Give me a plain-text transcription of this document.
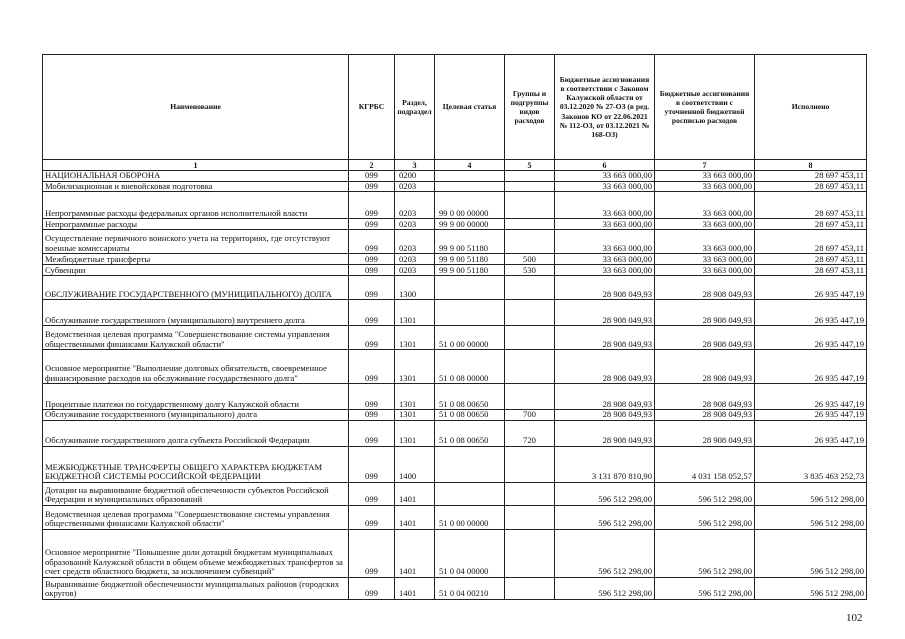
Наименование	КГРБС	Раздел, подраздел	Целевая статья	Группы и подгруппы видов расходов	Бюджетные ассигнования в соответствии с Законом Калужской области от 03.12.2020 № 27-ОЗ (в ред. Законов КО от 22.06.2021 № 112-ОЗ, от 03.12.2021 № 168-ОЗ)	Бюджетные ассигнования в соответствии с уточненной бюджетной росписью расходов	Исполнено
1	2	3	4	5	6	7	8
НАЦИОНАЛЬНАЯ ОБОРОНА	099	0200			33 663 000,00	33 663 000,00	28 697 453,11
Мобилизационная и вневойсковая подготовка	099	0203			33 663 000,00	33 663 000,00	28 697 453,11
Непрограммные расходы федеральных органов исполнительной власти	099	0203	99 0 00 00000		33 663 000,00	33 663 000,00	28 697 453,11
Непрограммные расходы	099	0203	99 9 00 00000		33 663 000,00	33 663 000,00	28 697 453,11
Осуществление первичного воинского учета на территориях, где отсутствуют военные комиссариаты	099	0203	99 9 00 51180		33 663 000,00	33 663 000,00	28 697 453,11
Межбюджетные трансферты	099	0203	99 9 00 51180	500	33 663 000,00	33 663 000,00	28 697 453,11
Субвенции	099	0203	99 9 00 51180	530	33 663 000,00	33 663 000,00	28 697 453,11
ОБСЛУЖИВАНИЕ ГОСУДАРСТВЕННОГО (МУНИЦИПАЛЬНОГО) ДОЛГА	099	1300			28 908 049,93	28 908 049,93	26 935 447,19
Обслуживание государственного (муниципального) внутреннего долга	099	1301			28 908 049,93	28 908 049,93	26 935 447,19
Ведомственная целевая программа "Совершенствование системы управления общественными финансами Калужской области"	099	1301	51 0 00 00000		28 908 049,93	28 908 049,93	26 935 447,19
Основное мероприятие "Выполнение долговых обязательств, своевременное финансирование расходов на обслуживание государственного долга"	099	1301	51 0 08 00000		28 908 049,93	28 908 049,93	26 935 447,19
Процентные платежи по государственному долгу Калужской области	099	1301	51 0 08 00650		28 908 049,93	28 908 049,93	26 935 447,19
Обслуживание государственного (муниципального) долга	099	1301	51 0 08 00650	700	28 908 049,93	28 908 049,93	26 935 447,19
Обслуживание государственного долга субъекта Российской Федерации	099	1301	51 0 08 00650	720	28 908 049,93	28 908 049,93	26 935 447,19
МЕЖБЮДЖЕТНЫЕ ТРАНСФЕРТЫ ОБЩЕГО ХАРАКТЕРА БЮДЖЕТАМ БЮДЖЕТНОЙ СИСТЕМЫ РОССИЙСКОЙ ФЕДЕРАЦИИ	099	1400			3 131 870 810,90	4 031 158 052,57	3 835 463 252,73
Дотации на выравнивание бюджетной обеспеченности субъектов Российской Федерации и муниципальных образований	099	1401			596 512 298,00	596 512 298,00	596 512 298,00
Ведомственная целевая программа "Совершенствование системы управления общественными финансами Калужской области"	099	1401	51 0 00 00000		596 512 298,00	596 512 298,00	596 512 298,00
Основное мероприятие "Повышение доли дотаций бюджетам муниципальных образований Калужской области в общем объеме межбюджетных трансфертов за счет средств областного бюджета, за исключением субвенций"	099	1401	51 0 04 00000		596 512 298,00	596 512 298,00	596 512 298,00
Выравнивание бюджетной обеспеченности муниципальных районов (городских округов)	099	1401	51 0 04 00210		596 512 298,00	596 512 298,00	596 512 298,00
102
